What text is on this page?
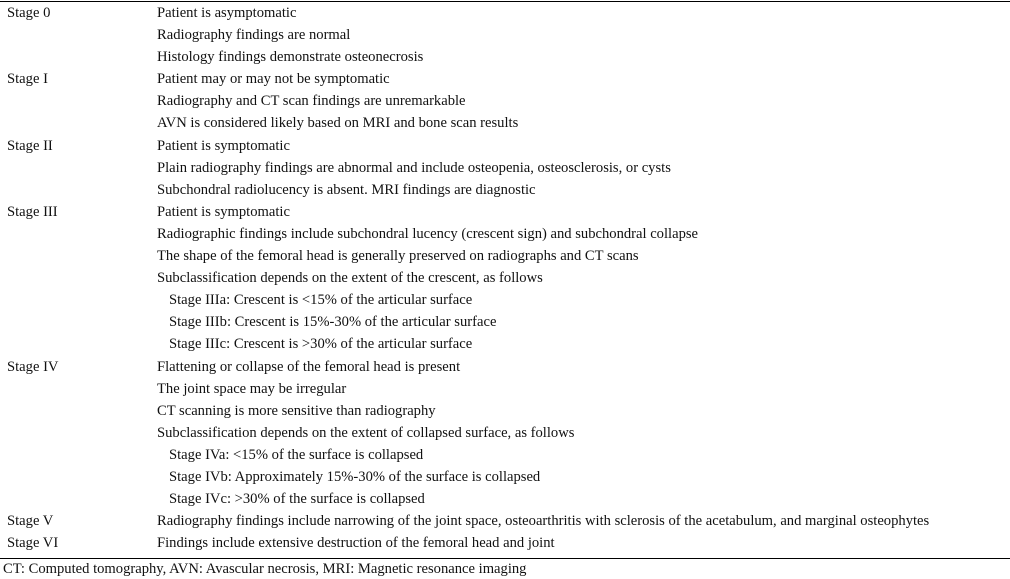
Stage 0	Patient is asymptomatic
Radiography findings are normal
Histology findings demonstrate osteonecrosis
Stage I	Patient may or may not be symptomatic
Radiography and CT scan findings are unremarkable
AVN is considered likely based on MRI and bone scan results
Stage II	Patient is symptomatic
Plain radiography findings are abnormal and include osteopenia, osteosclerosis, or cysts
Subchondral radiolucency is absent. MRI findings are diagnostic
Stage III	Patient is symptomatic
Radiographic findings include subchondral lucency (crescent sign) and subchondral collapse
The shape of the femoral head is generally preserved on radiographs and CT scans
Subclassification depends on the extent of the crescent, as follows
Stage IIIa: Crescent is <15% of the articular surface
Stage IIIb: Crescent is 15%-30% of the articular surface
Stage IIIc: Crescent is >30% of the articular surface
Stage IV	Flattening or collapse of the femoral head is present
The joint space may be irregular
CT scanning is more sensitive than radiography
Subclassification depends on the extent of collapsed surface, as follows
Stage IVa: <15% of the surface is collapsed
Stage IVb: Approximately 15%-30% of the surface is collapsed
Stage IVc: >30% of the surface is collapsed
Stage V	Radiography findings include narrowing of the joint space, osteoarthritis with sclerosis of the acetabulum, and marginal osteophytes
Stage VI	Findings include extensive destruction of the femoral head and joint
CT: Computed tomography, AVN: Avascular necrosis, MRI: Magnetic resonance imaging
